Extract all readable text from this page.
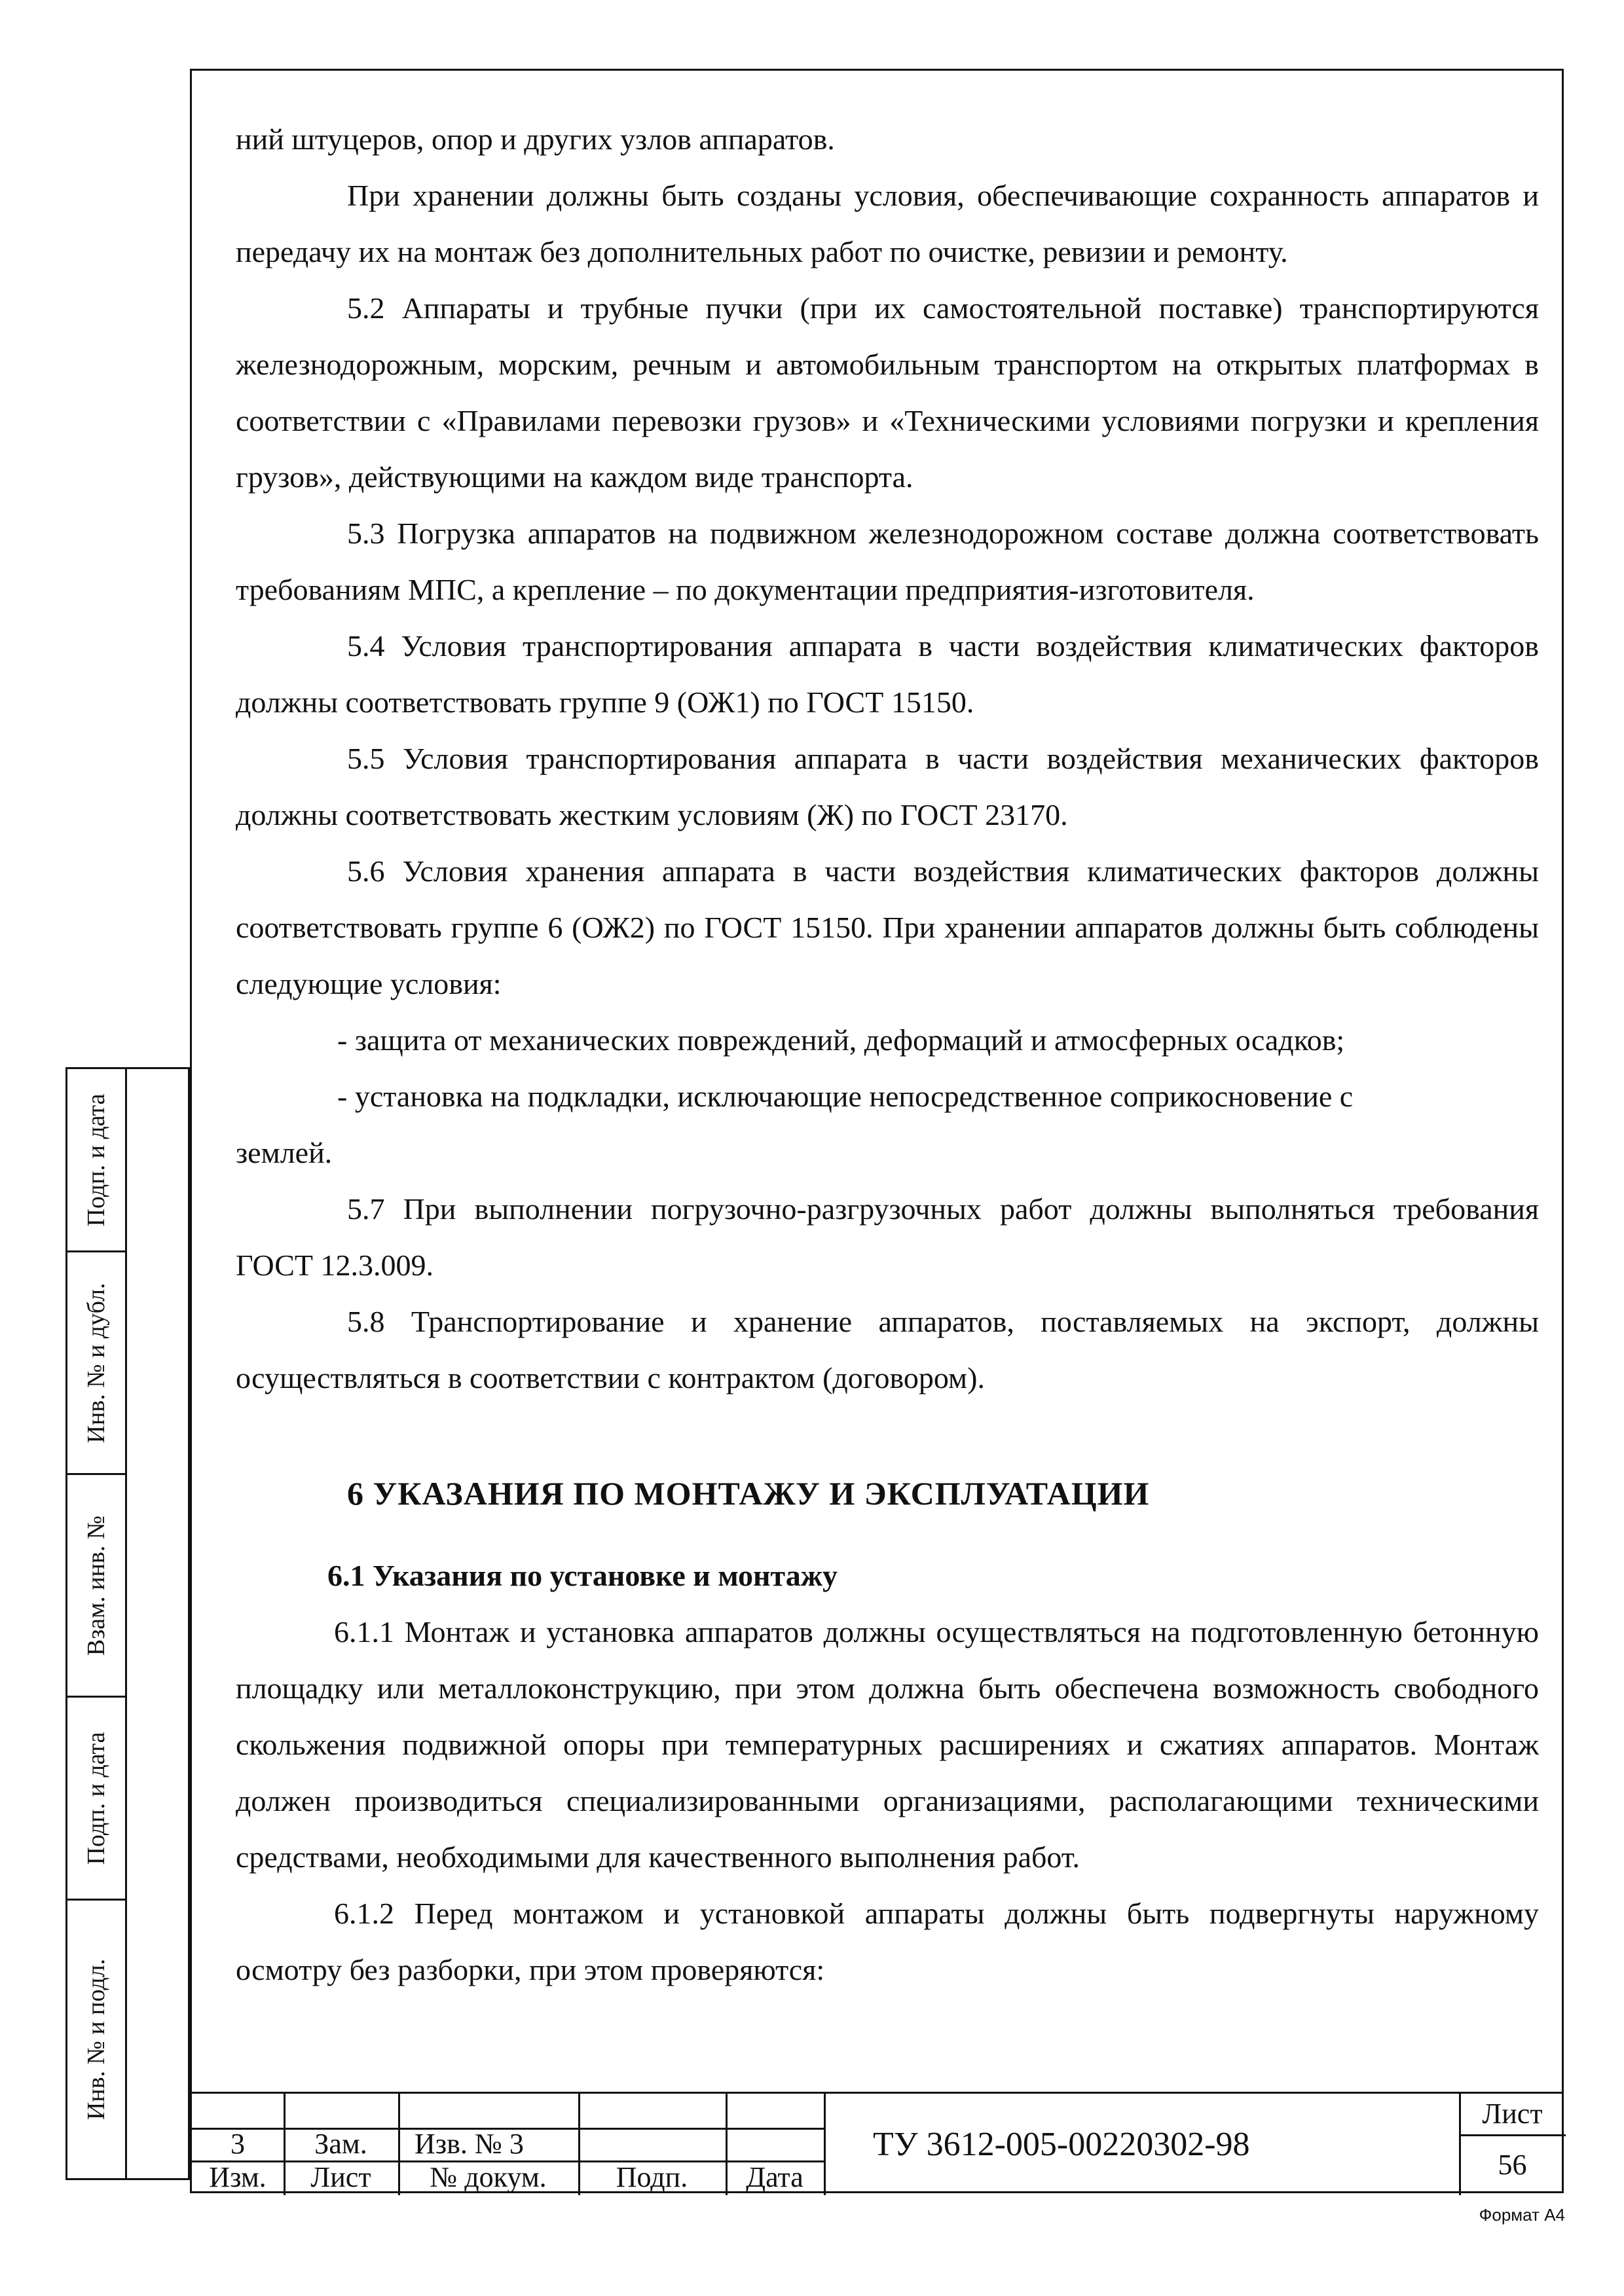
ний штуцеров, опор и других узлов аппаратов.

При хранении должны быть созданы условия, обеспечивающие сохранность аппаратов и передачу их на монтаж без дополнительных работ по очистке, ревизии и ремонту.

5.2 Аппараты и трубные пучки (при их самостоятельной поставке) транспортируются железнодорожным, морским, речным и автомобильным транспортом на открытых платформах в соответствии с «Правилами перевозки грузов» и «Техническими условиями погрузки и крепления грузов», действующими на каждом виде транспорта.

5.3 Погрузка аппаратов на подвижном железнодорожном составе должна соответствовать требованиям МПС, а крепление – по документации предприятия-изготовителя.

5.4 Условия транспортирования аппарата в части воздействия климатических факторов должны соответствовать группе 9 (ОЖ1) по ГОСТ 15150.

5.5 Условия транспортирования аппарата в части воздействия механических факторов должны соответствовать жестким условиям (Ж) по ГОСТ 23170.

5.6 Условия хранения аппарата в части воздействия климатических факторов должны соответствовать группе 6 (ОЖ2) по ГОСТ 15150. При хранении аппаратов должны быть соблюдены следующие условия:

- защита от механических повреждений, деформаций и атмосферных осадков;

- установка на подкладки, исключающие непосредственное соприкосновение с

землей.

5.7 При выполнении погрузочно-разгрузочных работ должны выполняться требования ГОСТ 12.3.009.

5.8 Транспортирование и хранение аппаратов, поставляемых на экспорт, должны осуществляться в соответствии с контрактом (договором).

6 УКАЗАНИЯ ПО МОНТАЖУ И ЭКСПЛУАТАЦИИ

6.1 Указания по установке и монтажу

6.1.1 Монтаж и установка аппаратов должны осуществляться на подготовленную бетонную площадку или металлоконструкцию, при этом должна быть обеспечена возможность свободного скольжения подвижной опоры при температурных расширениях и сжатиях аппаратов. Монтаж должен производиться специализированными организациями, располагающими техническими средствами, необходимыми для качественного выполнения работ.

6.1.2 Перед монтажом и установкой аппараты должны быть подвергнуты наружному осмотру без разборки, при этом проверяются:

Подп. и дата
Инв. № и дубл.
Взам. инв. №
Подп. и дата
Инв. № и подл.
3	Зам.	Изв. № 3
Изм.	Лист	№ докум.	Подп.	Дата
ТУ 3612-005-00220302-98
Лист
56
Формат А4
